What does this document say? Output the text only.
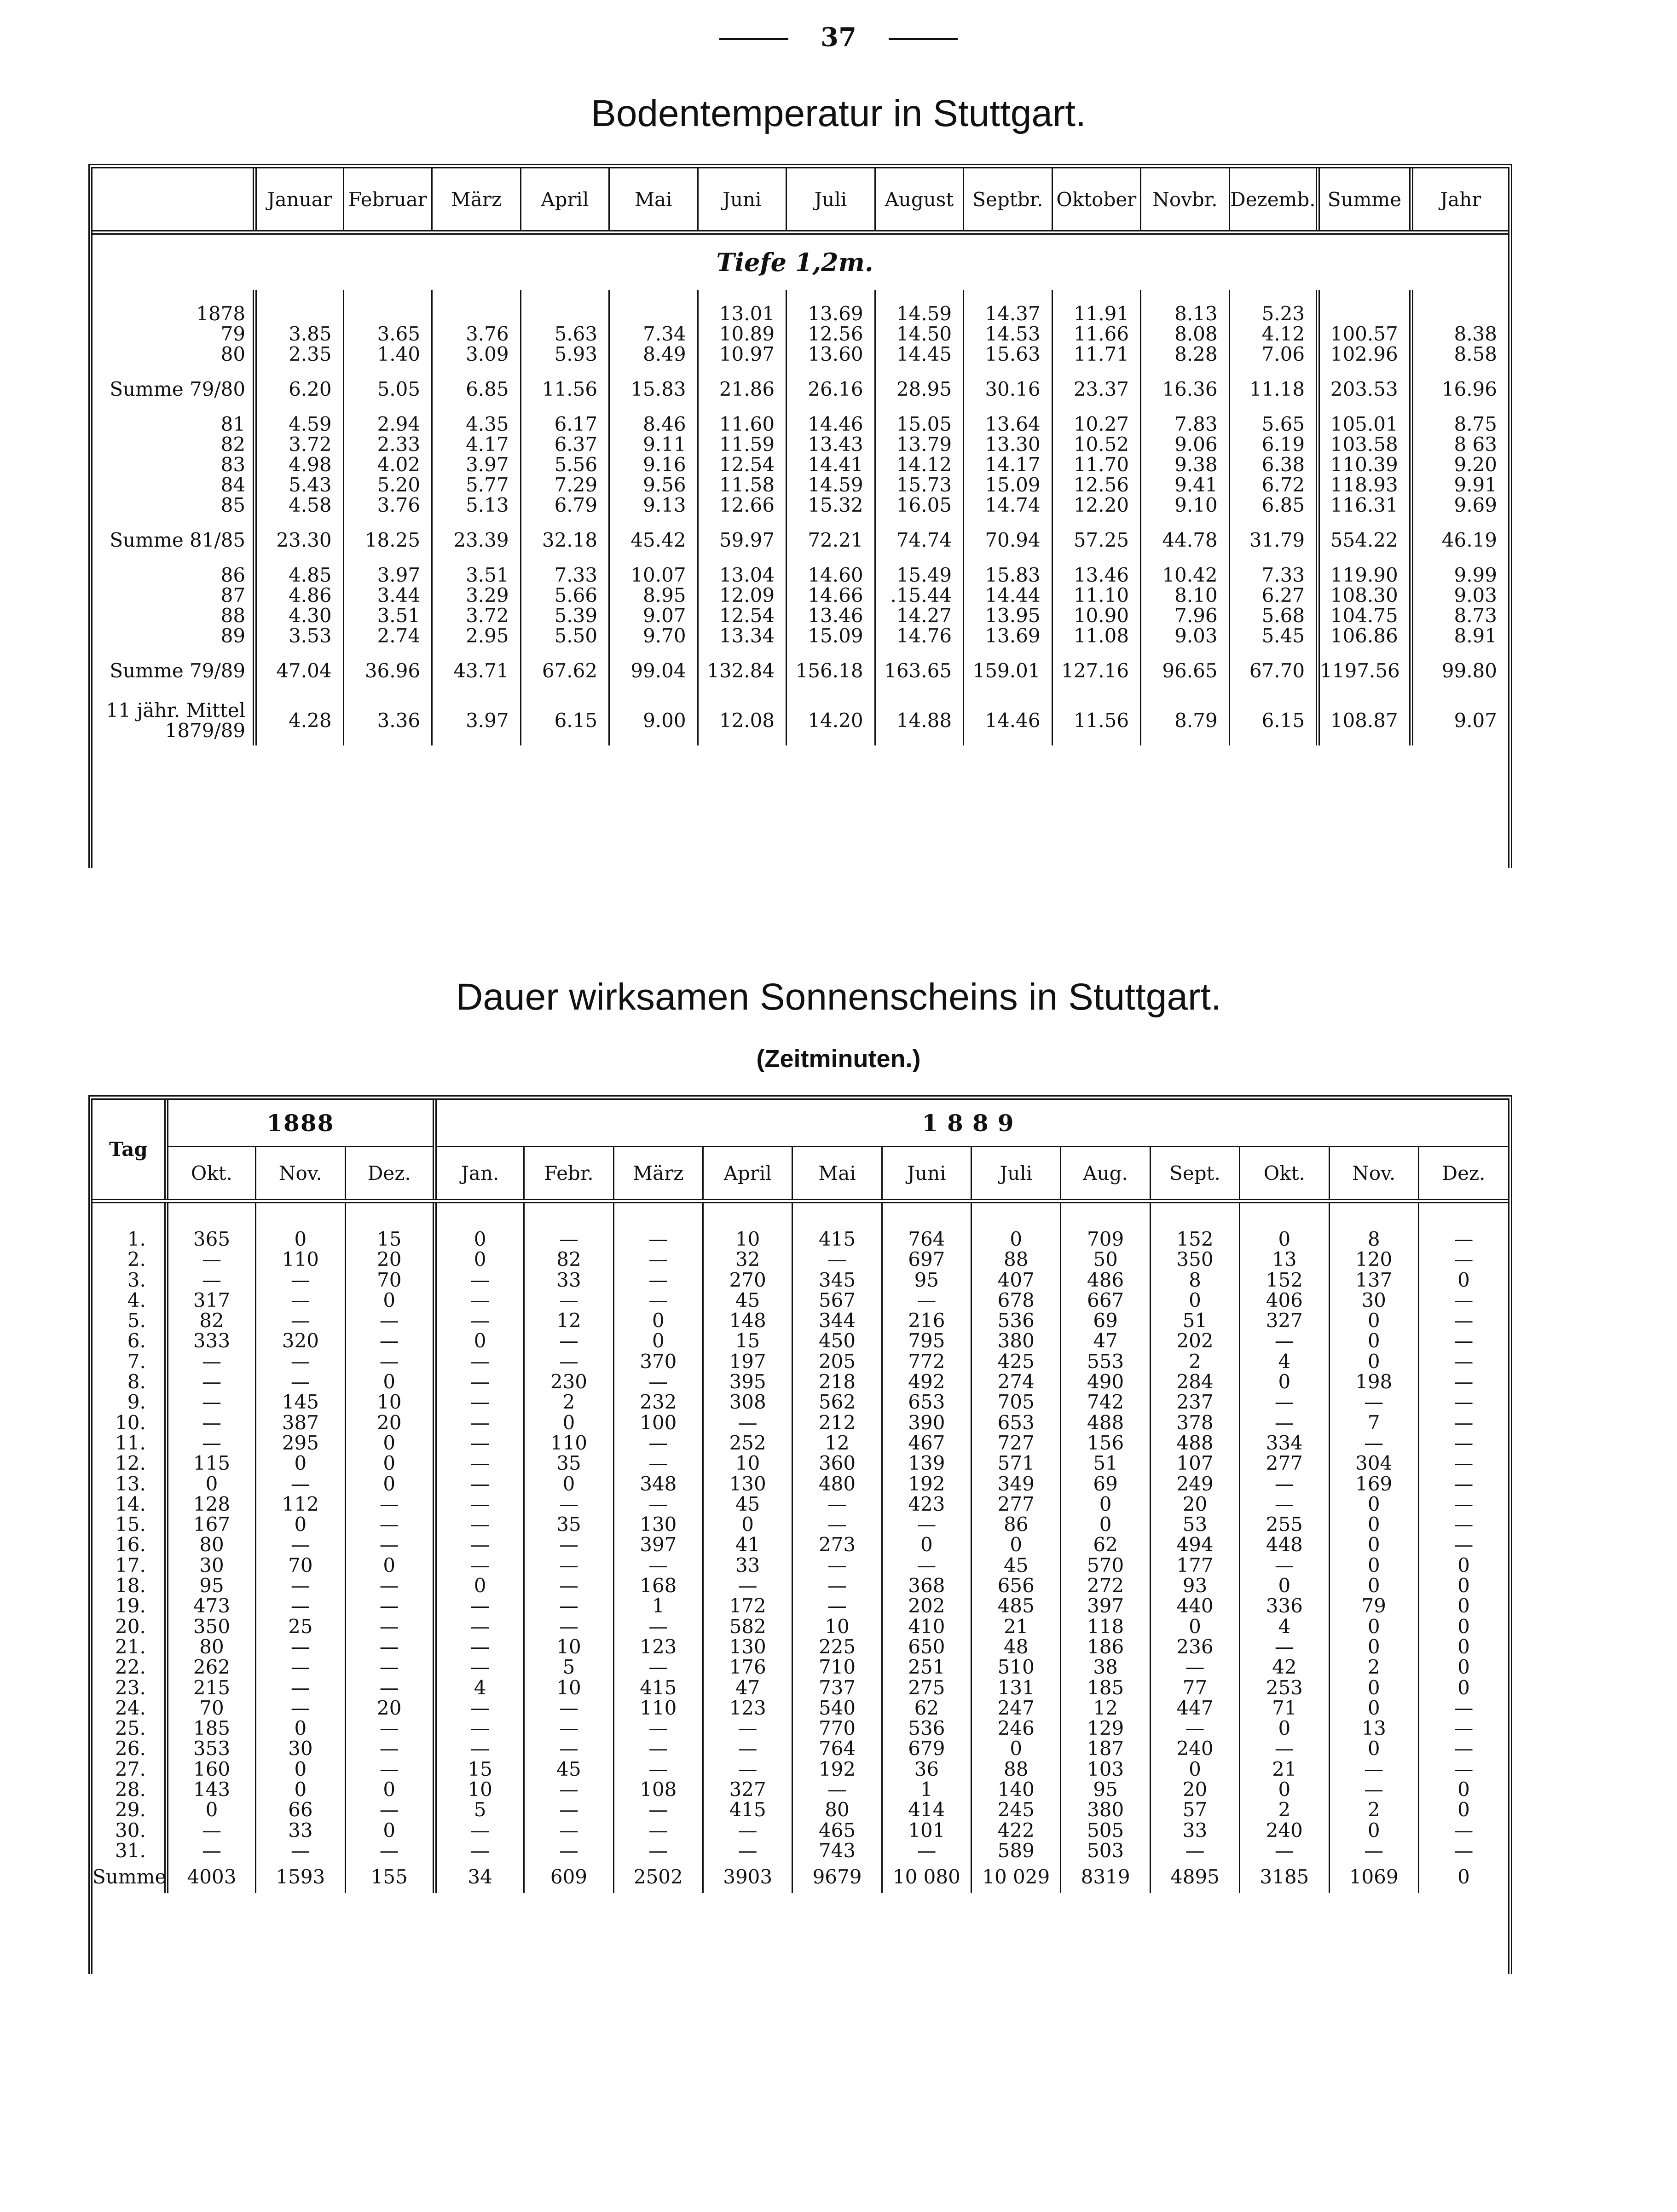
37
Bodentemperatur in Stuttgart.
	Januar	Februar	März	April	Mai	Juni	Juli	August	Septbr.	Oktober	Novbr.	Dezemb.	Summe	Jahr
Tiefe 1,2m.														
1878						13.01	13.69	14.59	14.37	11.91	8.13	5.23		
79	3.85	3.65	3.76	5.63	7.34	10.89	12.56	14.50	14.53	11.66	8.08	4.12	100.57	8.38
80	2.35	1.40	3.09	5.93	8.49	10.97	13.60	14.45	15.63	11.71	8.28	7.06	102.96	8.58
Summe 79/80	6.20	5.05	6.85	11.56	15.83	21.86	26.16	28.95	30.16	23.37	16.36	11.18	203.53	16.96
81	4.59	2.94	4.35	6.17	8.46	11.60	14.46	15.05	13.64	10.27	7.83	5.65	105.01	8.75
82	3.72	2.33	4.17	6.37	9.11	11.59	13.43	13.79	13.30	10.52	9.06	6.19	103.58	8 63
83	4.98	4.02	3.97	5.56	9.16	12.54	14.41	14.12	14.17	11.70	9.38	6.38	110.39	9.20
84	5.43	5.20	5.77	7.29	9.56	11.58	14.59	15.73	15.09	12.56	9.41	6.72	118.93	9.91
85	4.58	3.76	5.13	6.79	9.13	12.66	15.32	16.05	14.74	12.20	9.10	6.85	116.31	9.69
Summe 81/85	23.30	18.25	23.39	32.18	45.42	59.97	72.21	74.74	70.94	57.25	44.78	31.79	554.22	46.19
86	4.85	3.97	3.51	7.33	10.07	13.04	14.60	15.49	15.83	13.46	10.42	7.33	119.90	9.99
87	4.86	3.44	3.29	5.66	8.95	12.09	14.66	.15.44	14.44	11.10	8.10	6.27	108.30	9.03
88	4.30	3.51	3.72	5.39	9.07	12.54	13.46	14.27	13.95	10.90	7.96	5.68	104.75	8.73
89	3.53	2.74	2.95	5.50	9.70	13.34	15.09	14.76	13.69	11.08	9.03	5.45	106.86	8.91
Summe 79/89	47.04	36.96	43.71	67.62	99.04	132.84	156.18	163.65	159.01	127.16	96.65	67.70	1197.56	99.80
11 jähr. Mittel 1879/89	4.28	3.36	3.97	6.15	9.00	12.08	14.20	14.88	14.46	11.56	8.79	6.15	108.87	9.07
Dauer wirksamen Sonnenscheins in Stuttgart.
(Zeitminuten.)
Tag	1888			1889											
	Okt.	Nov.	Dez.	Jan.	Febr.	März	April	Mai	Juni	Juli	Aug.	Sept.	Okt.	Nov.	Dez.
1.	365	0	15	0	—	—	10	415	764	0	709	152	0	8	—
2.	—	110	20	0	82	—	32	—	697	88	50	350	13	120	—
3.	—	—	70	—	33	—	270	345	95	407	486	8	152	137	0
4.	317	—	0	—	—	—	45	567	—	678	667	0	406	30	—
5.	82	—	—	—	12	0	148	344	216	536	69	51	327	0	—
6.	333	320	—	0	—	0	15	450	795	380	47	202	—	0	—
7.	—	—	—	—	—	370	197	205	772	425	553	2	4	0	—
8.	—	—	0	—	230	—	395	218	492	274	490	284	0	198	—
9.	—	145	10	—	2	232	308	562	653	705	742	237	—	—	—
10.	—	387	20	—	0	100	—	212	390	653	488	378	—	7	—
11.	—	295	0	—	110	—	252	12	467	727	156	488	334	—	—
12.	115	0	0	—	35	—	10	360	139	571	51	107	277	304	—
13.	0	—	0	—	0	348	130	480	192	349	69	249	—	169	—
14.	128	112	—	—	—	—	45	—	423	277	0	20	—	0	—
15.	167	0	—	—	35	130	0	—	—	86	0	53	255	0	—
16.	80	—	—	—	—	397	41	273	0	0	62	494	448	0	—
17.	30	70	0	—	—	—	33	—	—	45	570	177	—	0	0
18.	95	—	—	0	—	168	—	—	368	656	272	93	0	0	0
19.	473	—	—	—	—	1	172	—	202	485	397	440	336	79	0
20.	350	25	—	—	—	—	582	10	410	21	118	0	4	0	0
21.	80	—	—	—	10	123	130	225	650	48	186	236	—	0	0
22.	262	—	—	—	5	—	176	710	251	510	38	—	42	2	0
23.	215	—	—	4	10	415	47	737	275	131	185	77	253	0	0
24.	70	—	20	—	—	110	123	540	62	247	12	447	71	0	—
25.	185	0	—	—	—	—	—	770	536	246	129	—	0	13	—
26.	353	30	—	—	—	—	—	764	679	0	187	240	—	0	—
27.	160	0	—	15	45	—	—	192	36	88	103	0	21	—	—
28.	143	0	0	10	—	108	327	—	1	140	95	20	0	—	0
29.	0	66	—	5	—	—	415	80	414	245	380	57	2	2	0
30.	—	33	0	—	—	—	—	465	101	422	505	33	240	0	—
31.	—	—	—	—	—	—	—	743	—	589	503	—	—	—	—
Summe	4003	1593	155	34	609	2502	3903	9679	10 080	10 029	8319	4895	3185	1069	0
